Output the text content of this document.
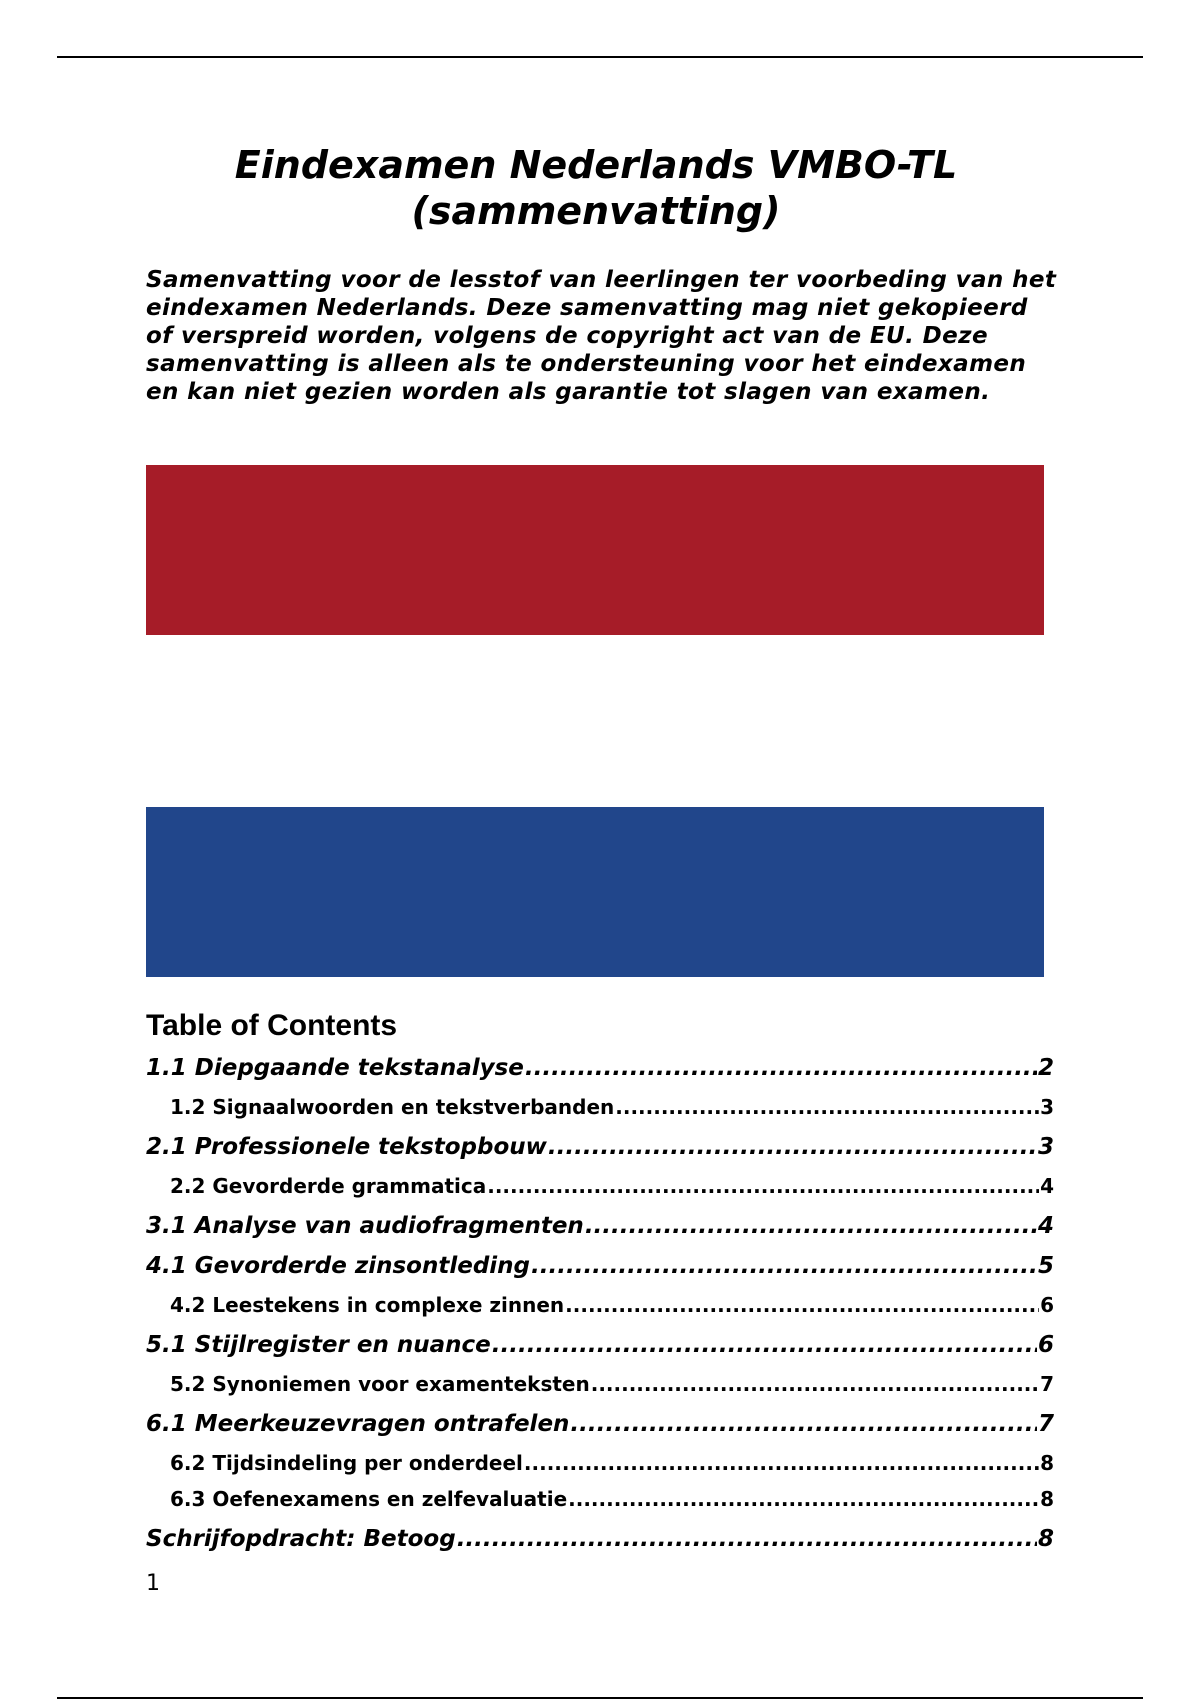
Eindexamen Nederlands VMBO-TL (sammenvatting)

Samenvatting voor de lesstof van leerlingen ter voorbeding van het eindexamen Nederlands. Deze samenvatting mag niet gekopieerd of verspreid worden, volgens de copyright act van de EU. Deze samenvatting is alleen als te ondersteuning voor het eindexamen en kan niet gezien worden als garantie tot slagen van examen.

Table of Contents
1.1 Diepgaande tekstanalyse .....	2
1.2 Signaalwoorden en tekstverbanden .....	3
2.1 Professionele tekstopbouw .....	3
2.2 Gevorderde grammatica .....	4
3.1 Analyse van audiofragmenten .....	4
4.1 Gevorderde zinsontleding .....	5
4.2 Leestekens in complexe zinnen .....	6
5.1 Stijlregister en nuance .....	6
5.2 Synoniemen voor examenteksten .....	7
6.1 Meerkeuzevragen ontrafelen .....	7
6.2 Tijdsindeling per onderdeel .....	8
6.3 Oefenexamens en zelfevaluatie .....	8
Schrijfopdracht: Betoog .....	8
1
